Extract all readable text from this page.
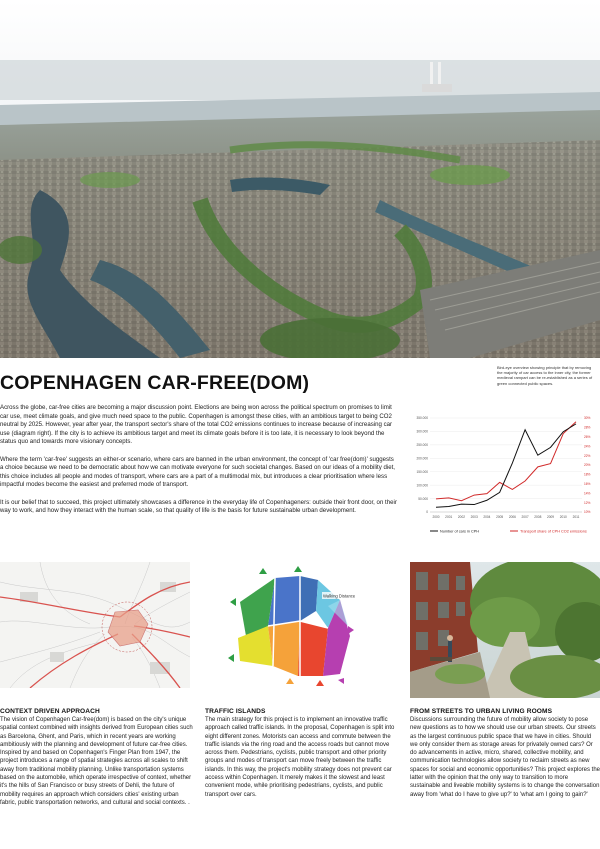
Bird-eye overview showing principle that by removing the majority of car access to the inner city, the former medieval rampart can be re-established as a series of green connected public spaces.
COPENHAGEN CAR-FREE(DOM)

Across the globe, car-free cities are becoming a major discussion point. Elections are being won across the political spectrum on promises to limit car use, meet climate goals, and give much need space to the public. Copenhagen is amongst these cities, with an ambitious target to being CO2 neutral by 2025. However, year after year, the transport sector's share of the total CO2 emissions continues to increase because of increasing car use (diagram right). If the city is to achieve its ambitious target and meet its climate goals before it is too late, it is necessary to look beyond the status quo and towards more visionary concepts.

Where the term 'car-free' suggests an either-or scenario, where cars are banned in the urban environment, the concept of 'car free(dom)' suggests a choice because we need to be democratic about how we can motivate everyone for such societal changes. Based on our ideas of a mobility diet, this choice includes all people and modes of transport, where cars are a part of a multimodal mix, but introduces a clear prioritisation where less impactful modes become the easiest and preferred mode of transport.

It is our belief that to succeed, this project ultimately showcases a difference in the everyday life of Copenhageners: outside their front door, on their way to work, and how they interact with the human scale, so that quality of life is the basis for future sustainable urban development.

350.000
300.000
250.000
200.000
150.000
100.000
50.000
0
30%
28%
26%
24%
22%
20%
18%
16%
14%
12%
10%
2000 2001 2002 2003 2004 2005 2006 2007 2008 2009 2010 2011
Number of cars in CPH	Transport share of CPH CO2 emissions
Walking Distance
CONTEXT DRIVEN APPROACH
The vision of Copenhagen Car-free(dom) is based on the city's unique spatial context combined with insights derived from European cities such as Barcelona, Ghent, and Paris, which in recent years are working ambitiously with the planning and development of future car-free cities. Inspired by and based on Copenhagen's Finger Plan from 1947, the project introduces a range of spatial strategies across all scales to shift away from traditional mobility planning. Unlike transportation systems based on the automobile, which operate irrespective of context, whether it's the hills of San Francisco or busy streets of Dehli, the future of mobility requires an approach which considers cities' existing urban fabric, public transportation networks, and cultural and social contexts. .
TRAFFIC ISLANDS
The main strategy for this project is to implement an innovative traffic approach called traffic islands. In the proposal, Copenhagen is split into eight different zones. Motorists can access and commute between the traffic islands via the ring road and the access roads but cannot move across them. Pedestrians, cyclists, public transport and other priority groups and modes of transport can move freely between the traffic islands. In this way, the project's mobility strategy does not prevent car access within Copenhagen. It merely makes it the slowest and least convenient mode, while prioritising pedestrians, cyclists, and public transport over cars.
FROM STREETS TO URBAN LIVING ROOMS
Discussions surrounding the future of mobility allow society to pose new questions as to how we should use our urban streets. Our streets as the largest continuous public space that we have in cities. Should we only consider them as storage areas for privately owned cars? Or do advancements in active, micro, shared, collective mobility, and communication technologies allow society to reclaim streets as new spaces for social and economic opportunities? This project explores the latter with the opinion that the only way to transition to more sustainable and liveable mobility systems is to change the conversation away from 'what do I have to give up?' to 'what am I going to gain?'
